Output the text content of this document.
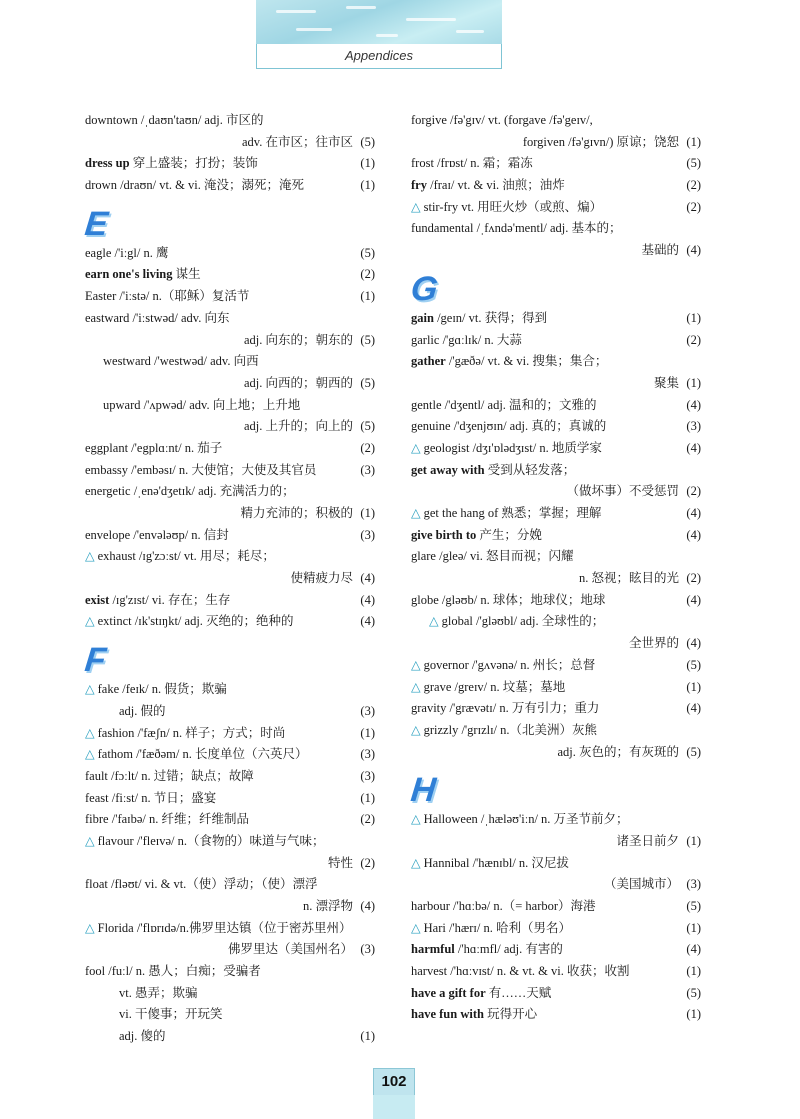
Appendices
downtown /ˌdaʊn'taʊn/ adj. 市区的
adv. 在市区；往市区 (5)
dress up 穿上盛装；打扮；装饰	(1)
drown /draʊn/ vt. & vi. 淹没；溺死；淹死	(1)
E
eagle /'iːgl/ n. 鹰	(5)
earn one's living 谋生	(2)
Easter /'iːstə/ n.（耶稣）复活节	(1)
eastward /'iːstwəd/ adv. 向东
adj. 向东的；朝东的 (5)
westward /'westwəd/ adv. 向西
adj. 向西的；朝西的 (5)
upward /'ʌpwəd/ adv. 向上地；上升地
adj. 上升的；向上的 (5)
eggplant /'egplɑːnt/ n. 茄子	(2)
embassy /'embəsɪ/ n. 大使馆；大使及其官员	(3)
energetic /ˌenə'dʒetɪk/ adj. 充满活力的；
精力充沛的；积极的 (1)
envelope /'envələʊp/ n. 信封	(3)
△ exhaust /ɪg'zɔːst/ vt. 用尽；耗尽；
使精疲力尽 (4)
exist /ɪg'zɪst/ vi. 存在；生存	(4)
△ extinct /ɪk'stɪŋkt/ adj. 灭绝的；绝种的	(4)
F
△ fake /feɪk/ n. 假货；欺骗
adj. 假的	(3)
△ fashion /'fæʃn/ n. 样子；方式；时尚	(1)
△ fathom /'fæðəm/ n. 长度单位（六英尺）	(3)
fault /fɔːlt/ n. 过错；缺点；故障	(3)
feast /fiːst/ n. 节日；盛宴	(1)
fibre /'faɪbə/ n. 纤维；纤维制品	(2)
△ flavour /'fleɪvə/ n.（食物的）味道与气味；
特性 (2)
float /fləʊt/ vi. & vt.（使）浮动；（使）漂浮
n. 漂浮物 (4)
△ Florida /'flɒrɪdə/n.佛罗里达镇（位于密苏里州）
佛罗里达（美国州名） (3)
fool /fuːl/ n. 愚人；白痴；受骗者
vt. 愚弄；欺骗
vi. 干傻事；开玩笑
adj. 傻的	(1)
forgive /fə'gɪv/ vt. (forgave /fə'geɪv/,
forgiven /fə'gɪvn/) 原谅；饶恕 (1)
frost /frɒst/ n. 霜；霜冻	(5)
fry /fraɪ/ vt. & vi. 油煎；油炸	(2)
△ stir-fry vt. 用旺火炒（或煎、煸）	(2)
fundamental /ˌfʌndə'mentl/ adj. 基本的；
基础的 (4)
G
gain /geɪn/ vt. 获得；得到	(1)
garlic /'gɑːlɪk/ n. 大蒜	(2)
gather /'gæðə/ vt. & vi. 搜集；集合；
聚集 (1)
gentle /'dʒentl/ adj. 温和的；文雅的	(4)
genuine /'dʒenjʊɪn/ adj. 真的；真诚的	(3)
△ geologist /dʒɪ'ɒlədʒɪst/ n. 地质学家	(4)
get away with 受到从轻发落；
（做坏事）不受惩罚 (2)
△ get the hang of 熟悉；掌握；理解	(4)
give birth to 产生；分娩	(4)
glare /gleə/ vi. 怒目而视；闪耀
n. 怒视；眩目的光 (2)
globe /gləʊb/ n. 球体；地球仪；地球	(4)
△ global /'gləʊbl/ adj. 全球性的；
全世界的 (4)
△ governor /'gʌvənə/ n. 州长；总督	(5)
△ grave /greɪv/ n. 坟墓；墓地	(1)
gravity /'grævətɪ/ n. 万有引力；重力	(4)
△ grizzly /'grɪzlɪ/ n.（北美洲）灰熊
adj. 灰色的；有灰斑的 (5)
H
△ Halloween /ˌhæləʊ'iːn/ n. 万圣节前夕；
诸圣日前夕 (1)
△ Hannibal /'hænɪbl/ n. 汉尼拔
（美国城市） (3)
harbour /'hɑːbə/ n.（= harbor）海港	(5)
△ Hari /'hærɪ/ n. 哈利（男名）	(1)
harmful /'hɑːmfl/ adj. 有害的	(4)
harvest /'hɑːvɪst/ n. & vt. & vi. 收获；收割	(1)
have a gift for 有……天赋	(5)
have fun with 玩得开心	(1)
102
